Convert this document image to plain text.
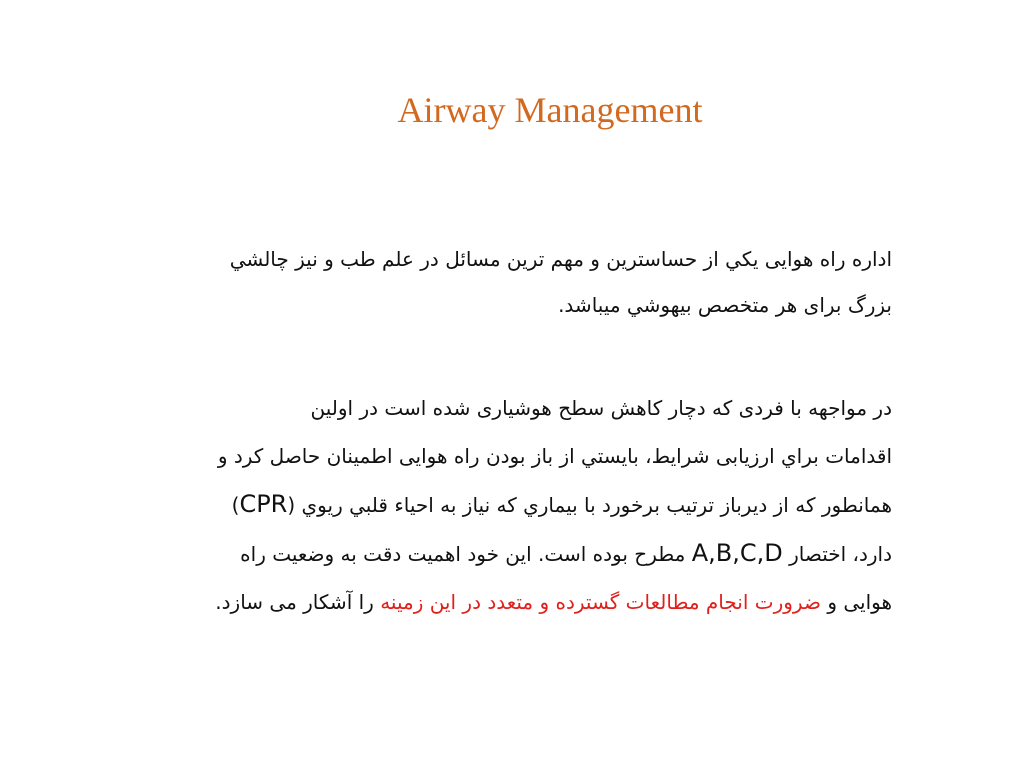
Airway Management
اداره راه هوايی يكي از حساسترين و مهم ترين مسائل در علم طب و نيز چالشي
بزرگ برای هر متخصص بيهوشي ميباشد.
در مواجهه با فردی كه دچار كاهش سطح هوشياری شده است در اولين
اقدامات براي ارزيابی شرايط، بايستي از باز بودن راه هوايی اطمينان حاصل كرد و
همانطور كه از ديرباز ترتيب برخورد با بيماري كه نياز به احياء قلبي ريوي (CPR)
دارد، اختصار A,B,C,D مطرح بوده است. اين خود اهميت دقت به وضعيت راه
هوايی و ضرورت انجام مطالعات گسترده و متعدد در اين زمينه را آشكار می سازد.
